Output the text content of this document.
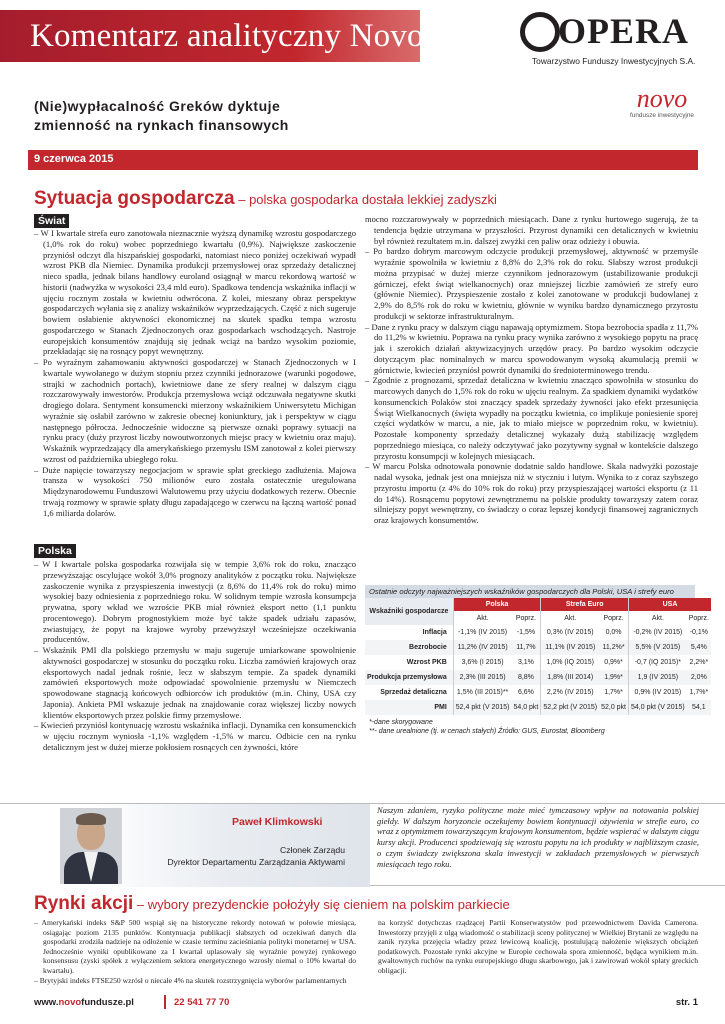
Komentarz analityczny Novo	OPERA
Towarzystwo Funduszy Inwestycyjnych S.A.
(Nie)wypłacalność Greków dyktuje
zmienność na rynkach finansowych
novo
fundusze inwestycyjne
9 czerwca 2015
Sytuacja gospodarcza – polska gospodarka dostała lekkiej zadyszki
Świat

– W I kwartale strefa euro zanotowała nieznacznie wyższą dynamikę wzrostu gospodarczego (1,0% rok do roku) wobec poprzedniego kwartału (0,9%). Największe zaskoczenie przyniósł odczyt dla hiszpańskiej gospodarki, natomiast nieco poniżej oczekiwań wypadł wzrost PKB dla Niemiec. Dynamika produkcji przemysłowej oraz sprzedaży detalicznej nieco spadła, jednak bilans handlowy euroland osiągnął w marcu rekordową wartość w historii (nadwyżka w wysokości 23,4 mld euro). Spadkowa tendencja wskaźnika inflacji w ujęciu rocznym została w kwietniu odwrócona. Z kolei, mieszany obraz perspektyw gospodarczych wyłania się z analizy wskaźników wyprzedzających. Część z nich sugeruje bowiem osłabienie aktywności ekonomicznej na skutek spadku tempa wzrostu gospodarczego w Stanach Zjednoczonych oraz gospodarkach wschodzących. Nastroje europejskich konsumentów znajdują się jednak wciąż na bardzo wysokim poziomie, przekładając się na rosnący popyt wewnętrzny.

– Po wyraźnym zahamowaniu aktywności gospodarczej w Stanach Zjednoczonych w I kwartale wywołanego w dużym stopniu przez czynniki jednorazowe (warunki pogodowe, strajki w zachodnich portach), kwietniowe dane ze sfery realnej w dalszym ciągu rozczarowywały inwestorów. Produkcja przemysłowa wciąż odczuwała negatywne skutki drogiego dolara. Sentyment konsumencki mierzony wskaźnikiem Uniwersytetu Michigan wyraźnie się osłabił zarówno w zakresie obecnej koniunktury, jak i perspektyw w ciągu następnego półrocza. Jednocześnie widoczne są pierwsze oznaki poprawy sytuacji na rynku pracy (duży przyrost liczby nowoutworzonych miejsc pracy w kwietniu oraz maju). Wskaźnik wyprzedzający dla amerykańskiego przemysłu ISM zanotował z kolei pierwszy wzrost od października ubiegłego roku.

– Duże napięcie towarzyszy negocjacjom w sprawie spłat greckiego zadłużenia. Majowa transza w wysokości 750 milionów euro została ostatecznie uregulowana Międzynarodowemu Funduszowi Walutowemu przy użyciu dodatkowych rezerw. Obecnie trwają rozmowy w sprawie spłaty długu zapadającego w czerwcu na łączną wartość ponad 1,6 miliarda dolarów.

Polska

– W I kwartale polska gospodarka rozwijała się w tempie 3,6% rok do roku, znacząco przewyższając oscylujące wokół 3,0% prognozy analityków z początku roku. Największe zaskoczenie wynika z przyspieszenia inwestycji (z 8,6% do 11,4% rok do roku) mimo wysokiej bazy odniesienia z poprzedniego roku. W solidnym tempie wzrosła konsumpcja prywatna, spory wkład we wzroście PKB miał również eksport netto (1,1 punktu procentowego). Dobrym prognostykiem może być także spadek udziału zapasów, zwiastujący, że popyt na krajowe wyroby przewyższył wcześniejsze oczekiwania producentów.

– Wskaźnik PMI dla polskiego przemysłu w maju sugeruje umiarkowane spowolnienie aktywności gospodarczej w stosunku do początku roku. Liczba zamówień krajowych oraz eksportowych nadal jednak rośnie, lecz w słabszym tempie. Za spadek dynamiki zamówień eksportowych może odpowiadać spowolnienie przemysłu w Niemczech spowodowane stagnacją końcowych odbiorców ich produktów (m.in. Chiny, USA czy Japonia). Ankieta PMI wskazuje jednak na znajdowanie coraz większej liczby nowych klientów eksportowych przez polskie firmy przemysłowe.

– Kwiecień przyniósł kontynuację wzrostu wskaźnika inflacji. Dynamika cen konsumenckich w ujęciu rocznym wyniosła -1,1% względem -1,5% w marcu. Odbicie cen na rynku detalicznym jest w dużej mierze pokłosiem rosnących cen żywności, które

mocno rozczarowywały w poprzednich miesiącach. Dane z rynku hurtowego sugerują, że ta tendencja będzie utrzymana w przyszłości. Przyrost dynamiki cen detalicznych w kwietniu był również rezultatem m.in. dalszej zwyżki cen paliw oraz odzieży i obuwia.

– Po bardzo dobrym marcowym odczycie produkcji przemysłowej, aktywność w przemyśle wyraźnie spowolniła w kwietniu z 8,8% do 2,3% rok do roku. Słabszy wzrost produkcji można przypisać w dużej mierze czynnikom jednorazowym (ustabilizowanie produkcji górniczej, efekt świąt wielkanocnych) oraz mniejszej liczbie zamówień ze strefy euro (głównie Niemiec). Przyspieszenie zostało z kolei zanotowane w produkcji budowlanej z 2,9% do 8,5% rok do roku w kwietniu, głównie w wyniku bardzo dynamicznego przyrostu produkcji w sektorze infrastrukturalnym.

– Dane z rynku pracy w dalszym ciągu napawają optymizmem. Stopa bezrobocia spadła z 11,7% do 11,2% w kwietniu. Poprawa na rynku pracy wynika zarówno z wysokiego popytu na pracę jak i szerokich działań aktywizacyjnych urzędów pracy. Po bardzo wysokim odczycie dotyczącym płac nominalnych w marcu spowodowanym wysoką akumulacją premii w górnictwie, kwiecień przyniósł powrót dynamiki do średnioterminowego trendu.

– Zgodnie z prognozami, sprzedaż detaliczna w kwietniu znacząco spowolniła w stosunku do marcowych danych do 1,5% rok do roku w ujęciu realnym. Za spadkiem dynamiki wydatków konsumenckich Polaków stoi znaczący spadek sprzedaży żywności jako efekt przesunięcia Świąt Wielkanocnych (święta wypadły na początku kwietnia, co implikuje poniesienie sporej części wydatków w marcu, a nie, jak to miało miejsce w poprzednim roku, w kwietniu). Pozostałe komponenty sprzedaży detalicznej wykazały dużą stabilizację względem poprzedniego miesiąca, co należy odczytywać jako pozytywny sygnał w kontekście dalszego przyrostu konsumpcji w kolejnych miesiącach.

– W marcu Polska odnotowała ponownie dodatnie saldo handlowe. Skala nadwyżki pozostaje nadal wysoka, jednak jest ona mniejsza niż w styczniu i lutym. Wynika to z coraz szybszego przyrostu importu (z 4% do 10% rok do roku) przy przyspieszającej wartości eksportu (z 11 do 14%). Rosnącemu popytowi zewnętrznemu na polskie produkty towarzyszy zatem coraz silniejszy popyt wewnętrzny, co świadczy o coraz lepszej kondycji finansowej zagranicznych oraz krajowych konsumentów.

Ostatnie odczyty najważniejszych wskaźników gospodarczych dla Polski, USA i strefy euro
Wskaźniki gospodarcze	Polska		Strefa Euro		USA	
	Akt.	Poprz.	Akt.	Poprz.	Akt.	Poprz.
Inflacja	-1,1% (IV 2015)	-1,5%	0,3% (IV 2015)	0,0%	-0,2% (IV 2015)	-0,1%
Bezrobocie	11,2% (IV 2015)	11,7%	11,1% (IV 2015)	11,2%*	5,5% (V 2015)	5,4%
Wzrost PKB	3,6% (I 2015)	3,1%	1,0% (IQ 2015)	0,9%*	-0,7 (IQ 2015)*	2,2%*
Produkcja przemysłowa	2,3% (III 2015)	8,8%	1,8% (III 2014)	1,9%*	1,9 (IV 2015)	2,0%
Sprzedaż detaliczna	1,5% (III 2015)**	6,6%	2,2% (IV 2015)	1,7%*	0,9% (IV 2015)	1,7%*
PMI	52,4 pkt (V 2015)	54,0 pkt	52,2 pkt (V 2015)	52,0 pkt	54,0 pkt (V 2015)	54,1
*-dane skorygowane
**- dane urealnione (tj. w cenach stałych) Źródło: GUS, Eurostat, Bloomberg
Paweł Klimkowski
Członek Zarządu
Dyrektor Departamentu Zarządzania Aktywami
Naszym zdaniem, ryzyko polityczne może mieć tymczasowy wpływ na notowania polskiej giełdy. W dalszym horyzoncie oczekujemy bowiem kontynuacji ożywienia w strefie euro, co wraz z optymizmem towarzyszącym krajowym konsumentom, będzie wspierać w dalszym ciągu kursy akcji. Producenci spodziewają się wzrostu popytu na ich produkty w najbliższym czasie, o czym świadczy zwiększona skala inwestycji w zakładach przemysłowych w pierwszych miesiącach tego roku.
Rynki akcji – wybory prezydenckie położyły się cieniem na polskim parkiecie

– Amerykański indeks S&P 500 wspiął się na historyczne rekordy notowań w połowie miesiąca, osiągając poziom 2135 punktów. Kontynuacja publikacji słabszych od oczekiwań danych dla gospodarki zrodziła nadzieje na odłożenie w czasie terminu zacieśniania polityki monetarnej w USA. Jednocześnie wyniki opublikowane za I kwartał uplasowały się wyraźnie powyżej rynkowego konsensusu (zyski spółek z wyłączeniem sektora energetycznego wzrosły niemal o 10% kwartał do kwartału).

– Brytyjski indeks FTSE250 wzrósł o niecałe 4% na skutek rozstrzygnięcia wyborów parlamentarnych

na korzyść dotychczas rządzącej Partii Konserwatystów pod przewodnictwem Davida Camerona. Inwestorzy przyjęli z ulgą wiadomość o stabilizacji sceny politycznej w Wielkiej Brytanii ze względu na zanik ryzyka przejęcia władzy przez lewicową koalicję, postulującą nałożenie większych obciążeń podatkowych. Pozostałe rynki akcyjne w Europie cechowała spora zmienność, będąca wynikiem m.in. gwałtownych ruchów na rynku europejskiego długu skarbowego, jak i zawirowań wokół spłaty greckich obligacji.

www.novofundusze.pl	22 541 77 70	str. 1
